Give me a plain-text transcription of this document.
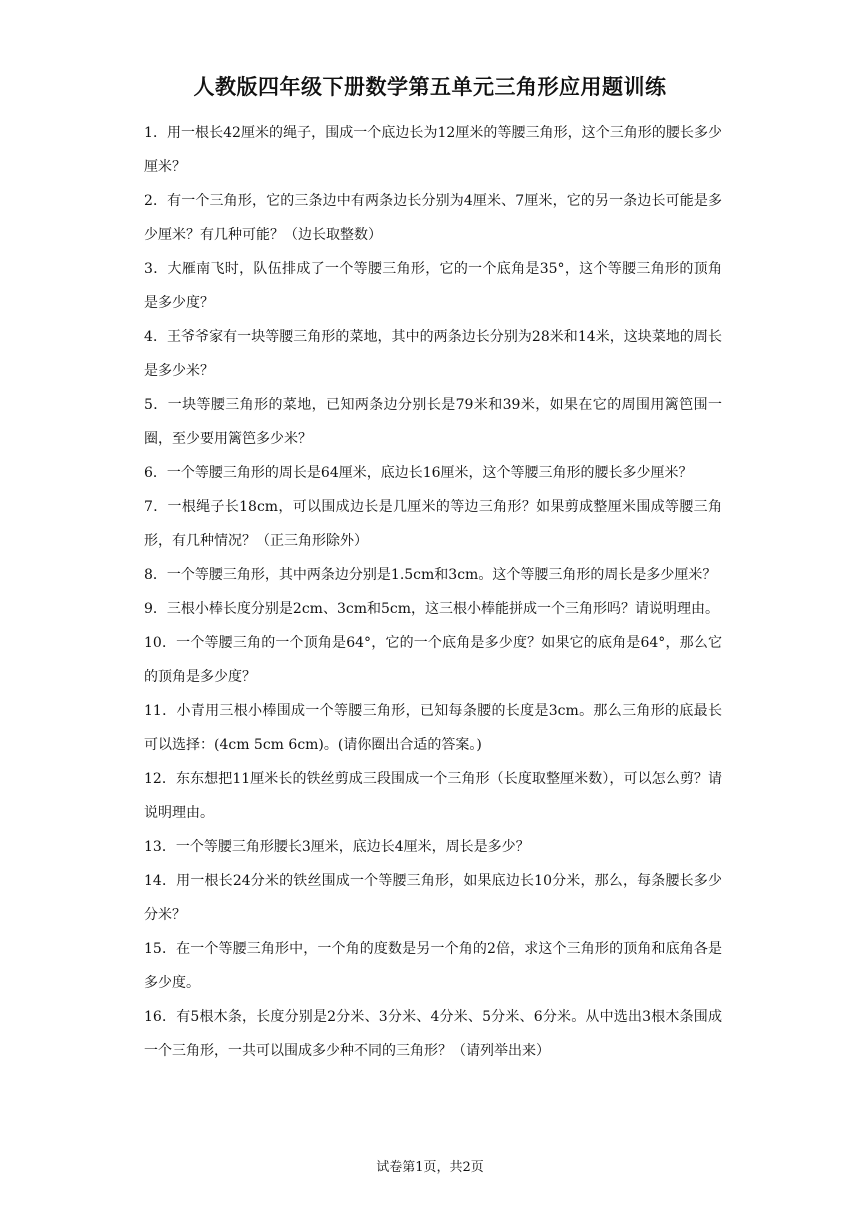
人教版四年级下册数学第五单元三角形应用题训练
1．用一根长42厘米的绳子，围成一个底边长为12厘米的等腰三角形，这个三角形的腰长多少厘米？
2．有一个三角形，它的三条边中有两条边长分别为4厘米、7厘米，它的另一条边长可能是多少厘米？有几种可能？（边长取整数）
3．大雁南飞时，队伍排成了一个等腰三角形，它的一个底角是35°，这个等腰三角形的顶角是多少度？
4．王爷爷家有一块等腰三角形的菜地，其中的两条边长分别为28米和14米，这块菜地的周长是多少米？
5．一块等腰三角形的菜地，已知两条边分别长是79米和39米，如果在它的周围用篱笆围一圈，至少要用篱笆多少米？
6．一个等腰三角形的周长是64厘米，底边长16厘米，这个等腰三角形的腰长多少厘米？
7．一根绳子长18cm，可以围成边长是几厘米的等边三角形？如果剪成整厘米围成等腰三角形，有几种情况？（正三角形除外）
8．一个等腰三角形，其中两条边分别是1.5cm和3cm。这个等腰三角形的周长是多少厘米？
9．三根小棒长度分别是2cm、3cm和5cm，这三根小棒能拼成一个三角形吗？请说明理由。
10．一个等腰三角的一个顶角是64°，它的一个底角是多少度？如果它的底角是64°，那么它的顶角是多少度？
11．小青用三根小棒围成一个等腰三角形，已知每条腰的长度是3cm。那么三角形的底最长可以选择：(4cm 5cm 6cm)。(请你圈出合适的答案。)
12．东东想把11厘米长的铁丝剪成三段围成一个三角形（长度取整厘米数），可以怎么剪？请说明理由。
13．一个等腰三角形腰长3厘米，底边长4厘米，周长是多少？
14．用一根长24分米的铁丝围成一个等腰三角形，如果底边长10分米，那么，每条腰长多少分米？
15．在一个等腰三角形中，一个角的度数是另一个角的2倍，求这个三角形的顶角和底角各是多少度。
16．有5根木条，长度分别是2分米、3分米、4分米、5分米、6分米。从中选出3根木条围成一个三角形，一共可以围成多少种不同的三角形？（请列举出来）
试卷第1页，共2页
